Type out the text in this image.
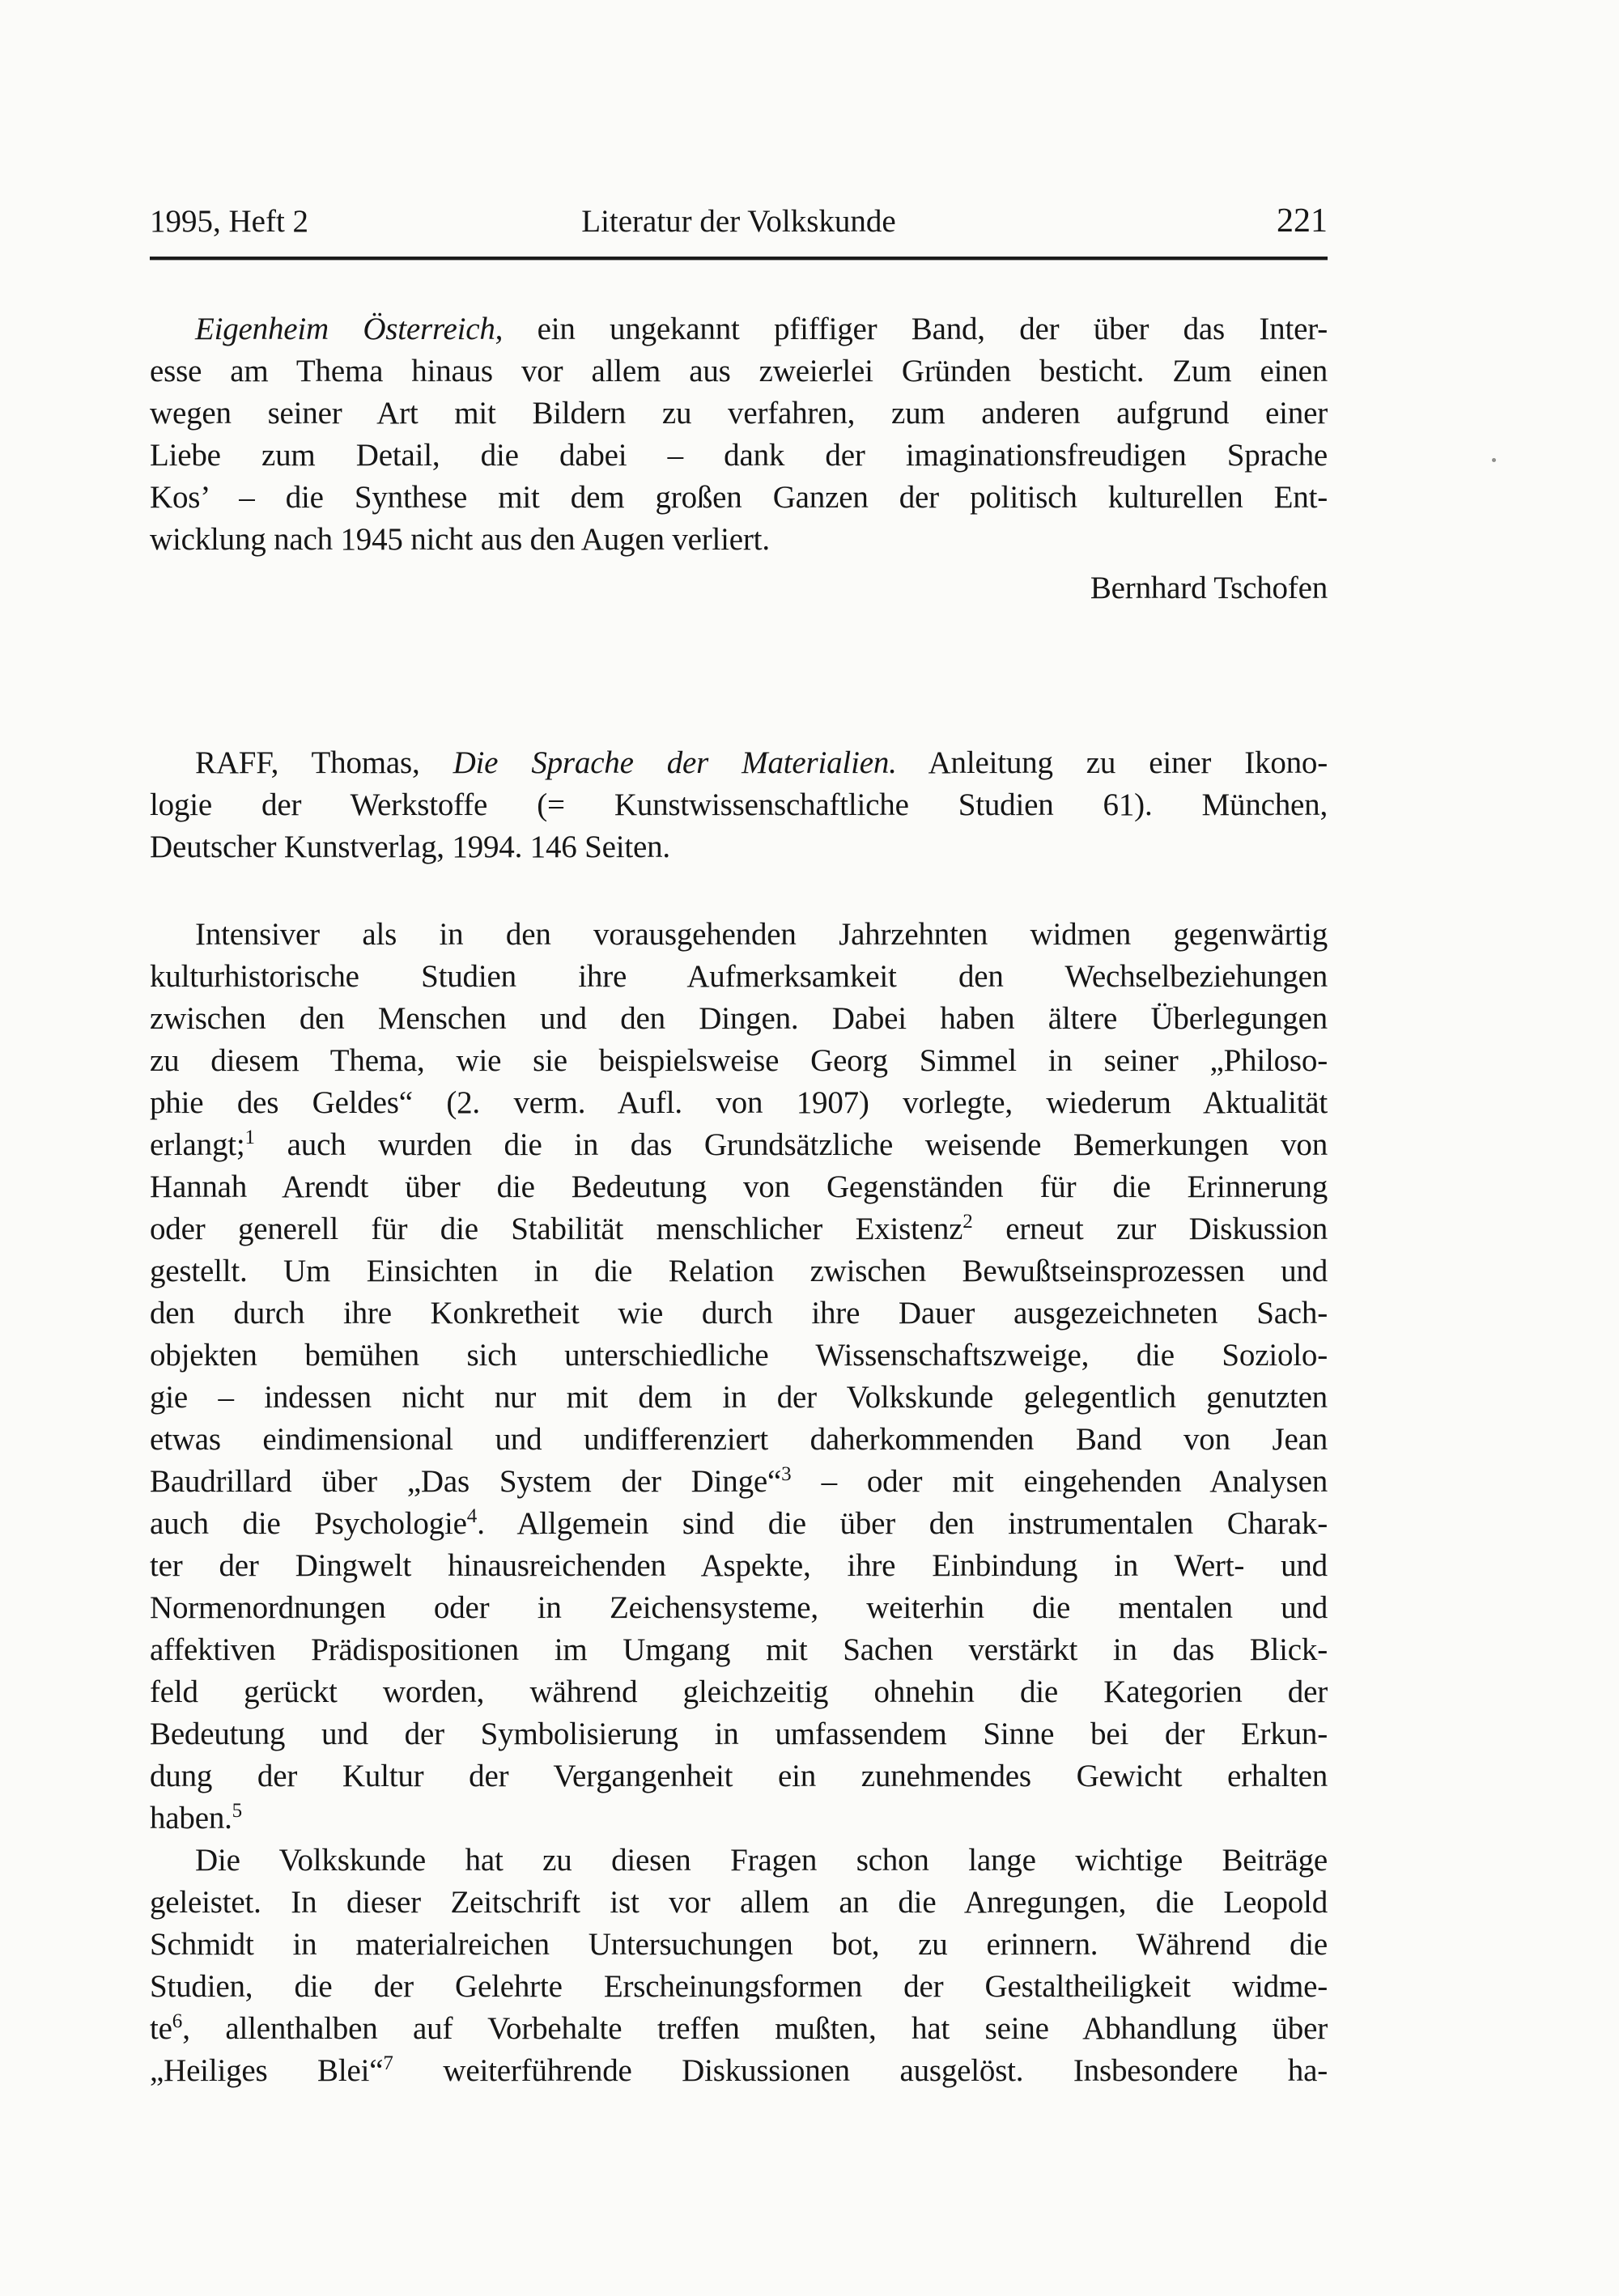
1995, Heft 2	Literatur der Volkskunde	221
Eigenheim Österreich, ein ungekannt pfiffiger Band, der über das Inter-
esse am Thema hinaus vor allem aus zweierlei Gründen besticht. Zum einen
wegen seiner Art mit Bildern zu verfahren, zum anderen aufgrund einer
Liebe zum Detail, die dabei – dank der imaginationsfreudigen Sprache
Kos’ – die Synthese mit dem großen Ganzen der politisch kulturellen Ent-
wicklung nach 1945 nicht aus den Augen verliert.
Bernhard Tschofen
RAFF, Thomas, Die Sprache der Materialien. Anleitung zu einer Ikono-
logie der Werkstoffe (= Kunstwissenschaftliche Studien 61). München,
Deutscher Kunstverlag, 1994. 146 Seiten.
Intensiver als in den vorausgehenden Jahrzehnten widmen gegenwärtig
kulturhistorische Studien ihre Aufmerksamkeit den Wechselbeziehungen
zwischen den Menschen und den Dingen. Dabei haben ältere Überlegungen
zu diesem Thema, wie sie beispielsweise Georg Simmel in seiner „Philoso-
phie des Geldes“ (2. verm. Aufl. von 1907) vorlegte, wiederum Aktualität
erlangt;$^1$ auch wurden die in das Grundsätzliche weisende Bemerkungen von
Hannah Arendt über die Bedeutung von Gegenständen für die Erinnerung
oder generell für die Stabilität menschlicher Existenz$^2$ erneut zur Diskussion
gestellt. Um Einsichten in die Relation zwischen Bewußtseinsprozessen und
den durch ihre Konkretheit wie durch ihre Dauer ausgezeichneten Sach-
objekten bemühen sich unterschiedliche Wissenschaftszweige, die Soziolo-
gie – indessen nicht nur mit dem in der Volkskunde gelegentlich genutzten
etwas eindimensional und undifferenziert daherkommenden Band von Jean
Baudrillard über „Das System der Dinge“$^3$ – oder mit eingehenden Analysen
auch die Psychologie$^4$. Allgemein sind die über den instrumentalen Charak-
ter der Dingwelt hinausreichenden Aspekte, ihre Einbindung in Wert- und
Normenordnungen oder in Zeichensysteme, weiterhin die mentalen und
affektiven Prädispositionen im Umgang mit Sachen verstärkt in das Blick-
feld gerückt worden, während gleichzeitig ohnehin die Kategorien der
Bedeutung und der Symbolisierung in umfassendem Sinne bei der Erkun-
dung der Kultur der Vergangenheit ein zunehmendes Gewicht erhalten
haben.$^5$
Die Volkskunde hat zu diesen Fragen schon lange wichtige Beiträge
geleistet. In dieser Zeitschrift ist vor allem an die Anregungen, die Leopold
Schmidt in materialreichen Untersuchungen bot, zu erinnern. Während die
Studien, die der Gelehrte Erscheinungsformen der Gestaltheiligkeit widme-
$te^6$, allenthalben auf Vorbehalte treffen mußten, hat seine Abhandlung über
„Heiliges Blei“$^7$ weiterführende Diskussionen ausgelöst. Insbesondere ha-
